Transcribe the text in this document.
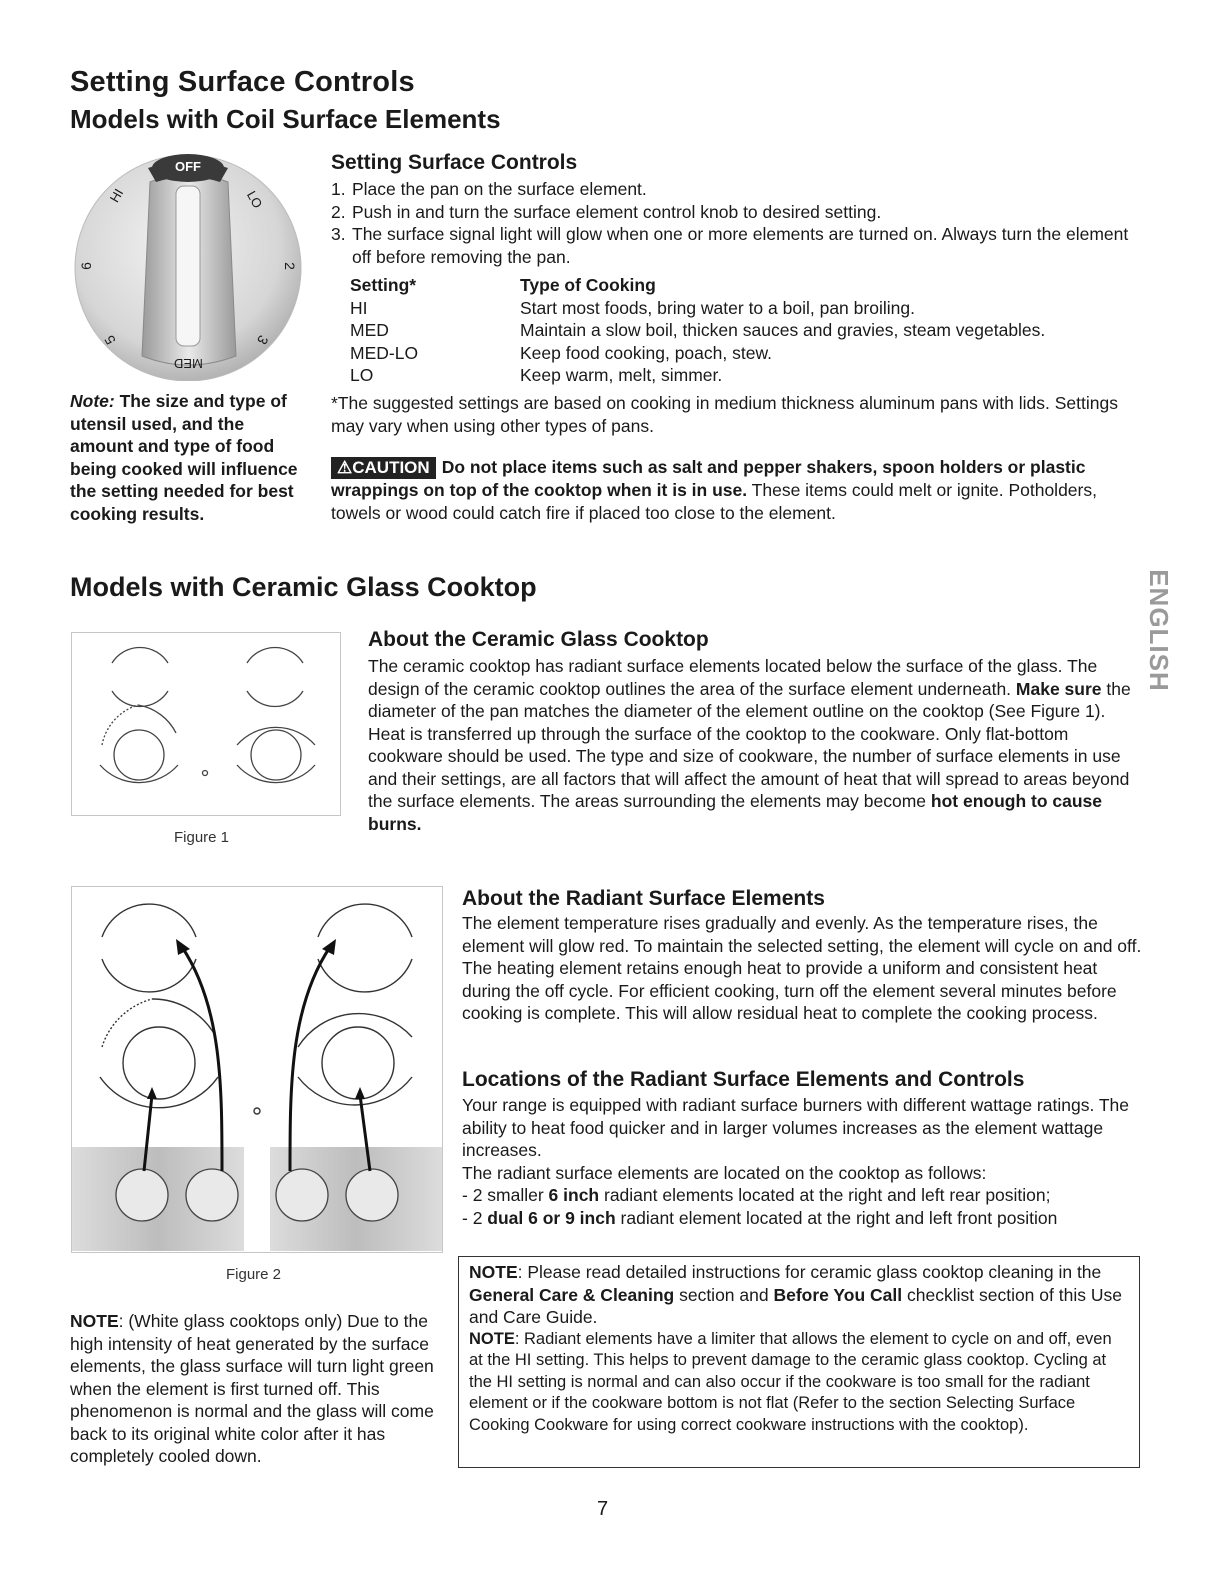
Setting Surface Controls
Models with Coil Surface Elements
OFF
HI	LO
MED
2
3
5
6
Note: The size and type of utensil used, and the amount and type of food being cooked will influence the setting needed for best cooking results.
Setting Surface Controls
1. Place the pan on the surface element.
2. Push in and turn the surface element control knob to desired setting.
3. The surface signal light will glow when one or more elements are turned on. Always turn the element off before removing the pan.
Setting*	Type of Cooking
HI	Start most foods, bring water to a boil, pan broiling.
MED	Maintain a slow boil, thicken sauces and gravies, steam vegetables.
MED-LO	Keep food cooking, poach, stew.
LO	Keep warm, melt, simmer.

*The suggested settings are based on cooking in medium thickness aluminum pans with lids. Settings may vary when using other types of pans.

⚠CAUTION Do not place items such as salt and pepper shakers, spoon holders or plastic wrappings on top of the cooktop when it is in use. These items could melt or ignite. Potholders, towels or wood could catch fire if placed too close to the element.

Models with Ceramic Glass Cooktop	ENGLISH
Figure 1
About the Ceramic Glass Cooktop

The ceramic cooktop has radiant surface elements located below the surface of the glass. The design of the ceramic cooktop outlines the area of the surface element underneath. Make sure the diameter of the pan matches the diameter of the element outline on the cooktop (See Figure 1).

Heat is transferred up through the surface of the cooktop to the cookware. Only flat-bottom cookware should be used. The type and size of cookware, the number of surface elements in use and their settings, are all factors that will affect the amount of heat that will spread to areas beyond the surface elements. The areas surrounding the elements may become hot enough to cause burns.

Figure 2

NOTE: (White glass cooktops only) Due to the high intensity of heat generated by the surface elements, the glass surface will turn light green when the element is first turned off. This phenomenon is normal and the glass will come back to its original white color after it has completely cooled down.

About the Radiant Surface Elements

The element temperature rises gradually and evenly. As the temperature rises, the element will glow red. To maintain the selected setting, the element will cycle on and off. The heating element retains enough heat to provide a uniform and consistent heat during the off cycle. For efficient cooking, turn off the element several minutes before cooking is complete. This will allow residual heat to complete the cooking process.

Locations of the Radiant Surface Elements and Controls

Your range is equipped with radiant surface burners with different wattage ratings. The ability to heat food quicker and in larger volumes increases as the element wattage increases.

The radiant surface elements are located on the cooktop as follows:

- 2 smaller 6 inch radiant elements located at the right and left rear position;

- 2 dual 6 or 9 inch radiant element located at the right and left front position

NOTE: Please read detailed instructions for ceramic glass cooktop cleaning in the General Care & Cleaning section and Before You Call checklist section of this Use and Care Guide.

NOTE: Radiant elements have a limiter that allows the element to cycle on and off, even at the HI setting. This helps to prevent damage to the ceramic glass cooktop. Cycling at the HI setting is normal and can also occur if the cookware is too small for the radiant element or if the cookware bottom is not flat (Refer to the section Selecting Surface Cooking Cookware for using correct cookware instructions with the cooktop).

7
